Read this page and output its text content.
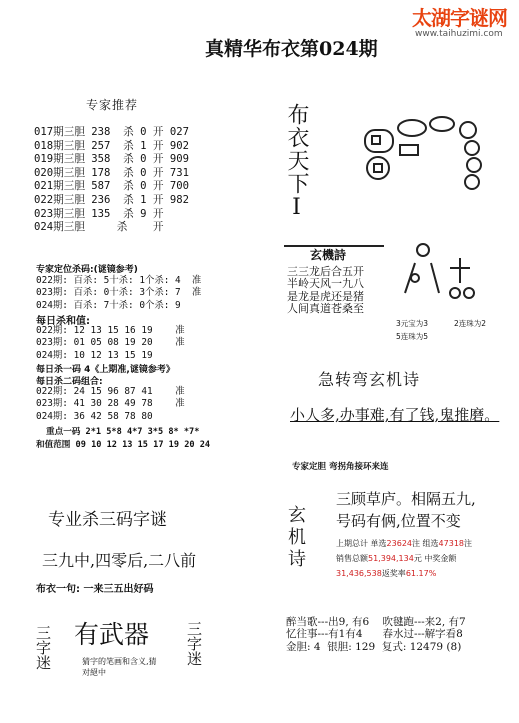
太湖字谜网
www.taihuzimi.com
真精华布衣第024期
专家推荐
017期三胆 238  杀 0 开 027
018期三胆 257  杀 1 开 902
019期三胆 358  杀 0 开 909
020期三胆 178  杀 0 开 731
021期三胆 587  杀 0 开 700
022期三胆 236  杀 1 开 982
023期三胆 135  杀 9 开
024期三胆     杀    开
专家定位杀码:(谜镜参考)
022期: 百杀: 5十杀: 1个杀: 4  准
023期: 百杀: 0十杀: 3个杀: 7  准
024期: 百杀: 7十杀: 0个杀: 9
每日杀和值:
022期: 12 13 15 16 19    准
023期: 01 05 08 19 20    准
024期: 10 12 13 15 19
每日杀一码 4《上期准,谜镜参考》
每日杀二码组合:
022期: 24 15 96 87 41    准
023期: 41 30 28 49 78    准
024期: 36 42 58 78 80
重点一码 2*1 5*8 4*7 3*5 8* *7*
和值范围 09 10 12 13 15 17 19 20 24
专业杀三码字谜
三九中,四零后,二八前
布衣一句: 一来三五出好码
三字迷 有武器 三字迷
猜字的笔画和含义,猜
对絕中
布衣天下I
玄機詩
三三龙后合五开
半岭天风一九八
是龙是虎还是猪
人间真道苍桑至
3元宝为3	2连珠为2
5连珠为5
急转弯玄机诗
小人多,办事难,有了钱,鬼推磨。
专家定胆 弯拐角接环来连
玄机诗
三顾草庐。相隔五九,
号码有俩,位置不变
上期总计 单选23624注 组选47318注
销售总额51,394,134元 中奖金额
31,436,538返奖率61.17%
醉当歌---出9, 有6    吹毽跑---来2, 有7
忆往事---有1有4      春水过---解字看8
金胆: 4  银胆: 129  复式: 12479 (8)
